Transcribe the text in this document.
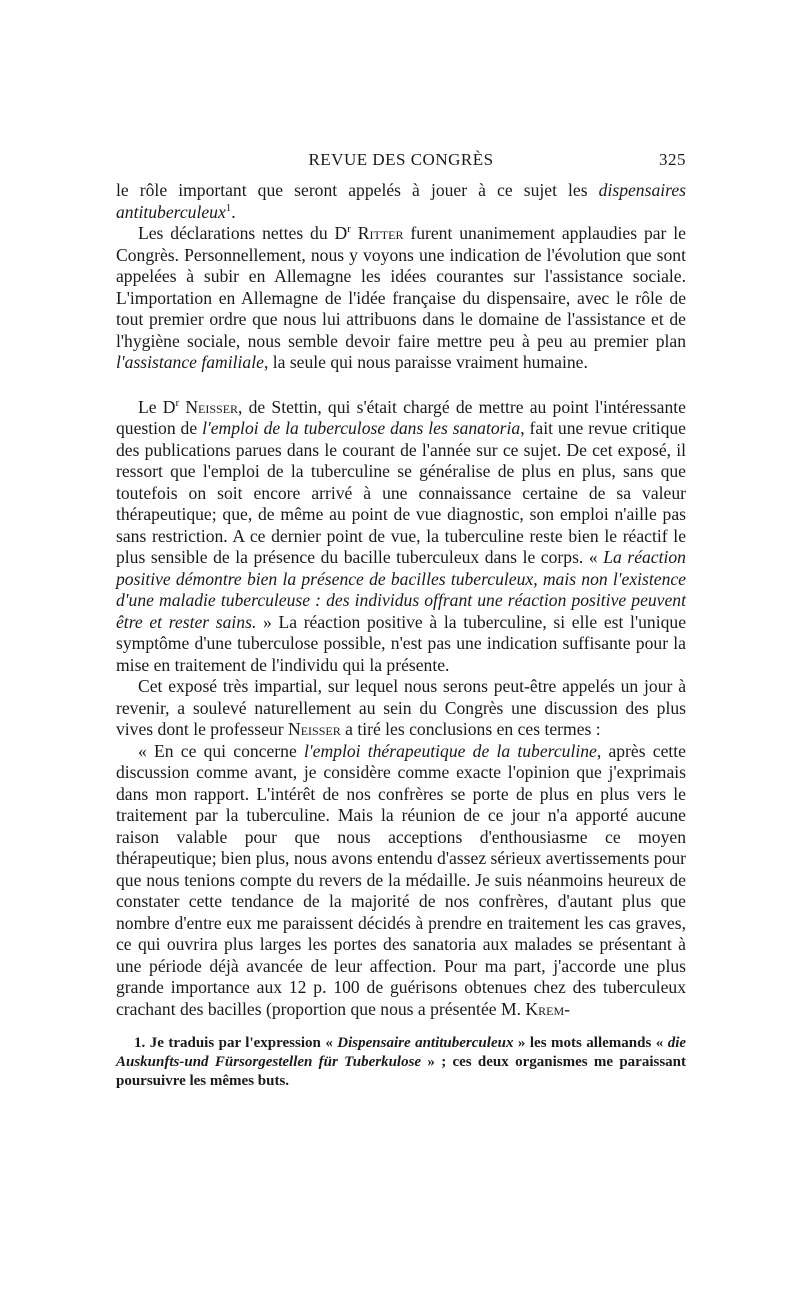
REVUE DES CONGRÈS	325

le rôle important que seront appelés à jouer à ce sujet les dispensaires antituberculeux$^1$.

Les déclarations nettes du $D^r$ Ritter furent unanimement applaudies par le Congrès. Personnellement, nous y voyons une indication de l'évolution que sont appelées à subir en Allemagne les idées courantes sur l'assistance sociale. L'importation en Allemagne de l'idée française du dispensaire, avec le rôle de tout premier ordre que nous lui attribuons dans le domaine de l'assistance et de l'hygiène sociale, nous semble devoir faire mettre peu à peu au premier plan l'assistance familiale, la seule qui nous paraisse vraiment humaine.

Le $D^r$ Neisser, de Stettin, qui s'était chargé de mettre au point l'intéressante question de l'emploi de la tuberculose dans les sanatoria, fait une revue critique des publications parues dans le courant de l'année sur ce sujet. De cet exposé, il ressort que l'emploi de la tuberculine se généralise de plus en plus, sans que toutefois on soit encore arrivé à une connaissance certaine de sa valeur thérapeutique; que, de même au point de vue diagnostic, son emploi n'aille pas sans restriction. A ce dernier point de vue, la tuberculine reste bien le réactif le plus sensible de la présence du bacille tuberculeux dans le corps. « La réaction positive démontre bien la présence de bacilles tuberculeux, mais non l'existence d'une maladie tuberculeuse : des individus offrant une réaction positive peuvent être et rester sains. » La réaction positive à la tuberculine, si elle est l'unique symptôme d'une tuberculose possible, n'est pas une indication suffisante pour la mise en traitement de l'individu qui la présente.

Cet exposé très impartial, sur lequel nous serons peut-être appelés un jour à revenir, a soulevé naturellement au sein du Congrès une discussion des plus vives dont le professeur Neisser a tiré les conclusions en ces termes :

« En ce qui concerne l'emploi thérapeutique de la tuberculine, après cette discussion comme avant, je considère comme exacte l'opinion que j'exprimais dans mon rapport. L'intérêt de nos confrères se porte de plus en plus vers le traitement par la tuberculine. Mais la réunion de ce jour n'a apporté aucune raison valable pour que nous acceptions d'enthousiasme ce moyen thérapeutique; bien plus, nous avons entendu d'assez sérieux avertissements pour que nous tenions compte du revers de la médaille. Je suis néanmoins heureux de constater cette tendance de la majorité de nos confrères, d'autant plus que nombre d'entre eux me paraissent décidés à prendre en traitement les cas graves, ce qui ouvrira plus larges les portes des sanatoria aux malades se présentant à une période déjà avancée de leur affection. Pour ma part, j'accorde une plus grande importance aux 12 p. 100 de guérisons obtenues chez des tuberculeux crachant des bacilles (proportion que nous a présentée M. Krem-

1. Je traduis par l'expression « Dispensaire antituberculeux » les mots allemands « die Auskunfts-und Fürsorgestellen für Tuberkulose » ; ces deux organismes me paraissant poursuivre les mêmes buts.
